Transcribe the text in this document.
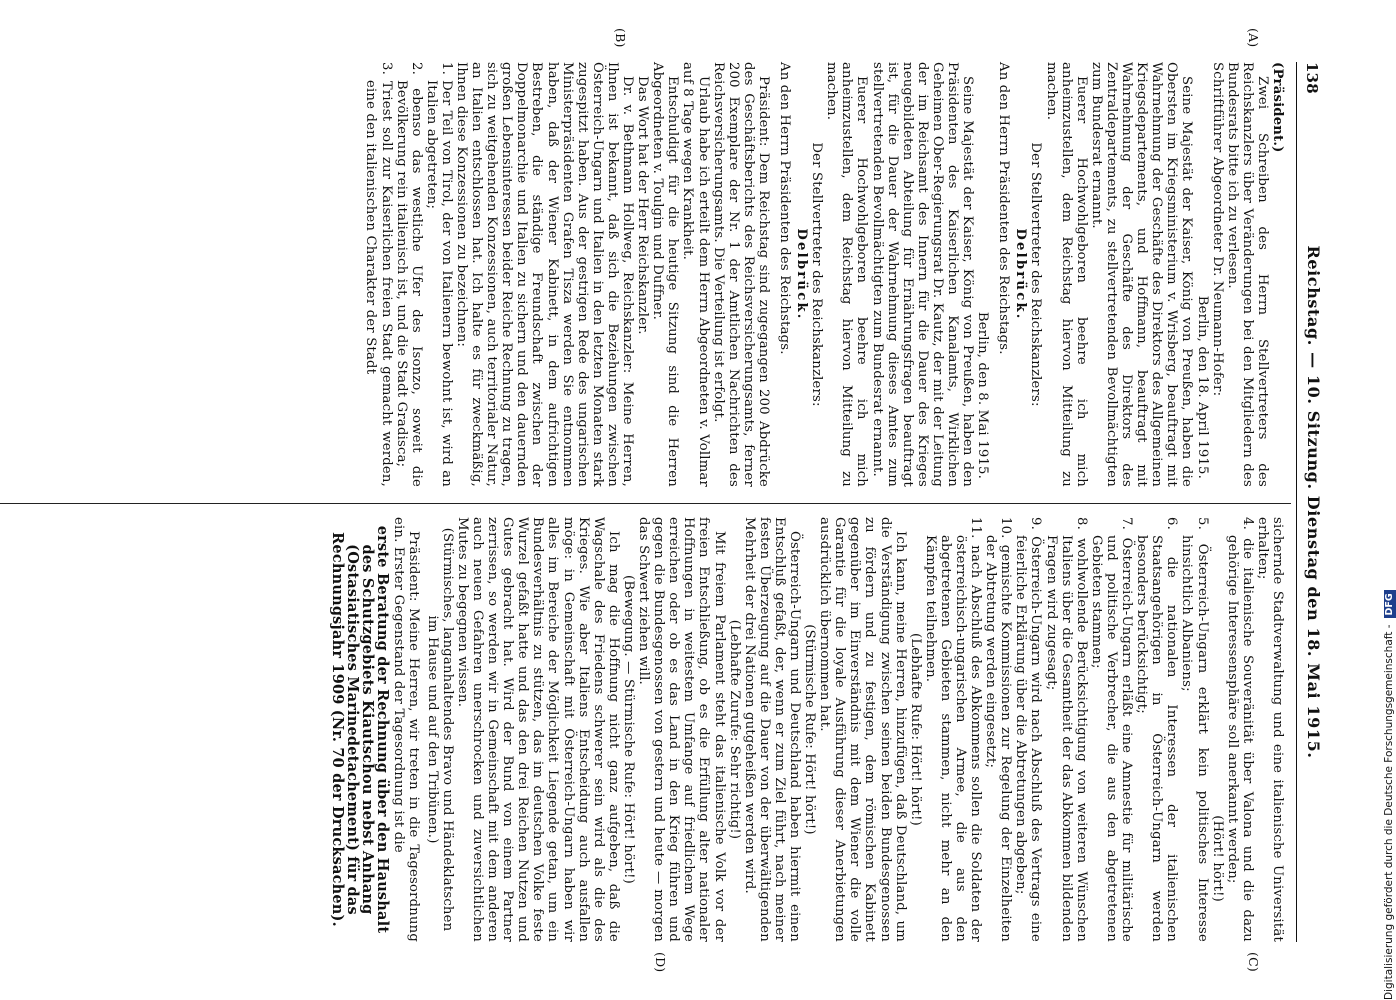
138
Reichstag. — 10. Sitzung. Dienstag den 18. Mai 1915.
(A)
(B)
(C)
(D)

(Präsident.)

Zwei Schreiben des Herrn Stellvertreters des Reichskanzlers über Veränderungen bei den Mitgliedern des Bundesrats bitte ich zu verlesen.

Schriftführer Abgeordneter Dr. Neumann-Hofer:

Berlin, den 18. April 1915.

Seine Majestät der Kaiser, König von Preußen, haben die Obersten im Kriegsministerium v. Wrisberg, beauftragt mit Wahrnehmung der Geschäfte des Direktors des Allgemeinen Kriegsdepartements, und Hoffmann, beauftragt mit Wahrnehmung der Geschäfte des Direktors des Zentraldepartements, zu stellvertretenden Bevollmächtigten zum Bundesrat ernannt.

Euerer Hochwohlgeboren beehre ich mich anheimzustellen, dem Reichstag hiervon Mitteilung zu machen.

Der Stellvertreter des Reichskanzlers:

Delbrück.

An den Herrn Präsidenten des Reichstags.

Berlin, den 8. Mai 1915.

Seine Majestät der Kaiser, König von Preußen, haben den Präsidenten des Kaiserlichen Kanalamts, Wirklichen Geheimen Ober-Regierungsrat Dr. Kautz, der mit der Leitung der im Reichsamt des Innern für die Dauer des Krieges neugebildeten Abteilung für Ernährungsfragen beauftragt ist, für die Dauer der Wahrnehmung dieses Amtes zum stellvertretenden Bevollmächtigten zum Bundesrat ernannt.

Euerer Hochwohlgeboren beehre ich mich anheimzustellen, dem Reichstag hiervon Mitteilung zu machen.

Der Stellvertreter des Reichskanzlers:

Delbrück.

An den Herrn Präsidenten des Reichstags.

Präsident: Dem Reichstag sind zugegangen 200 Abdrücke des Geschäftsberichts des Reichsversicherungsamts, ferner 200 Exemplare der Nr. 1 der Amtlichen Nachrichten des Reichsversicherungsamts. Die Verteilung ist erfolgt.

Urlaub habe ich erteilt dem Herrn Abgeordneten v. Vollmar auf 8 Tage wegen Krankheit.

Entschuldigt für die heutige Sitzung sind die Herren Abgeordneten v. Toulgin und Duffner.

Das Wort hat der Herr Reichskanzler.

Dr. v. Bethmann Hollweg, Reichskanzler: Meine Herren, Ihnen ist bekannt, daß sich die Beziehungen zwischen Österreich-Ungarn und Italien in den letzten Monaten stark zugespitzt haben. Aus der gestrigen Rede des ungarischen Ministerpräsidenten Grafen Tisza werden Sie entnommen haben, daß der Wiener Kabinett, in dem aufrichtigen Bestreben, die ständige Freundschaft zwischen der Doppelmonarchie und Italien zu sichern und den dauernden großen Lebensinteressen beider Reiche Rechnung zu tragen, sich zu weitgehenden Konzessionen, auch territorialer Natur, an Italien entschlossen hat. Ich halte es für zweckmäßig, Ihnen diese Konzessionen zu bezeichnen:

1. Der Teil von Tirol, der von Italienern bewohnt ist, wird an Italien abgetreten;

2. ebenso das westliche Ufer des Isonzo, soweit die Bevölkerung rein italienisch ist, und die Stadt Gradisca;

3. Triest soll zur Kaiserlichen freien Stadt gemacht werden, eine den italienischen Charakter der Stadt

sichernde Stadtverwaltung und eine italienische Universität erhalten;

4. die italienische Souveränität über Valona und die dazu gehörige Interessensphäre soll anerkannt werden;

(Hört! hört!)

5. Österreich-Ungarn erklärt kein politisches Interesse hinsichtlich Albaniens;

6. die nationalen Interessen der italienischen Staatsangehörigen in Österreich-Ungarn werden besonders berücksichtigt;

7. Österreich-Ungarn erläßt eine Amnestie für militärische und politische Verbrecher, die aus den abgetretenen Gebieten stammen;

8. wohlwollende Berücksichtigung von weiteren Wünschen Italiens über die Gesamtheit der das Abkommen bildenden Fragen wird zugesagt;

9. Österreich-Ungarn wird nach Abschluß des Vertrags eine feierliche Erklärung über die Abtretungen abgeben;

10. gemischte Kommissionen zur Regelung der Einzelheiten der Abtretung werden eingesetzt;

11. nach Abschluß des Abkommens sollen die Soldaten der österreichisch-ungarischen Armee, die aus den abgetretenen Gebieten stammen, nicht mehr an den Kämpfen teilnehmen.

(Lebhafte Rufe: Hört! hört!)

Ich kann, meine Herren, hinzufügen, daß Deutschland, um die Verständigung zwischen seinen beiden Bundesgenossen zu fördern und zu festigen, dem römischen Kabinett gegenüber im Einverständnis mit dem Wiener die volle Garantie für die loyale Ausführung dieser Anerbietungen ausdrücklich übernommen hat.

(Stürmische Rufe: Hört! hört!)

Österreich-Ungarn und Deutschland haben hiermit einen Entschluß gefaßt, der, wenn er zum Ziel führt, nach meiner festen Überzeugung auf die Dauer von der überwältigenden Mehrheit der drei Nationen gutgeheißen werden wird.

(Lebhafte Zurufe: Sehr richtig!)

Mit freiem Parlament steht das italienische Volk vor der freien Entschließung, ob es die Erfüllung alter nationaler Hoffnungen in weitestem Umfange auf friedlichem Wege erreichen oder ob es das Land in den Krieg führen und gegen die Bundesgenossen von gestern und heute — morgen das Schwert ziehen will.

(Bewegung. — Stürmische Rufe: Hört! hört!)

Ich mag die Hoffnung nicht ganz aufgeben, daß die Wagschale des Friedens schwerer sein wird als die des Krieges. Wie aber Italiens Entscheidung auch ausfallen möge: in Gemeinschaft mit Österreich-Ungarn haben wir alles im Bereiche der Möglichkeit Liegende getan, um ein Bundesverhältnis zu stützen, das im deutschen Volke feste Wurzel gefaßt hatte und das den drei Reichen Nutzen und Gutes gebracht hat. Wird der Bund von einem Partner zerrissen, so werden wir in Gemeinschaft mit dem anderen auch neuen Gefahren unerschrocken und zuversichtlichen Mutes zu begegnen wissen.

(Stürmisches, langanhaltendes Bravo und Händeklatschen im Hause und auf den Tribünen.)

Präsident: Meine Herren, wir treten in die Tagesordnung ein. Erster Gegenstand der Tagesordnung ist die

erste Beratung der Rechnung über den Haushalt des Schutzgebiets Kiautschou nebst Anhang (Ostasiatisches Marinedetachement) für das Rechnungsjahr 1909 (Nr. 70 der Drucksachen).	Digitalisierung gefördert durch die Deutsche Forschungsgemeinschaft -DFG
